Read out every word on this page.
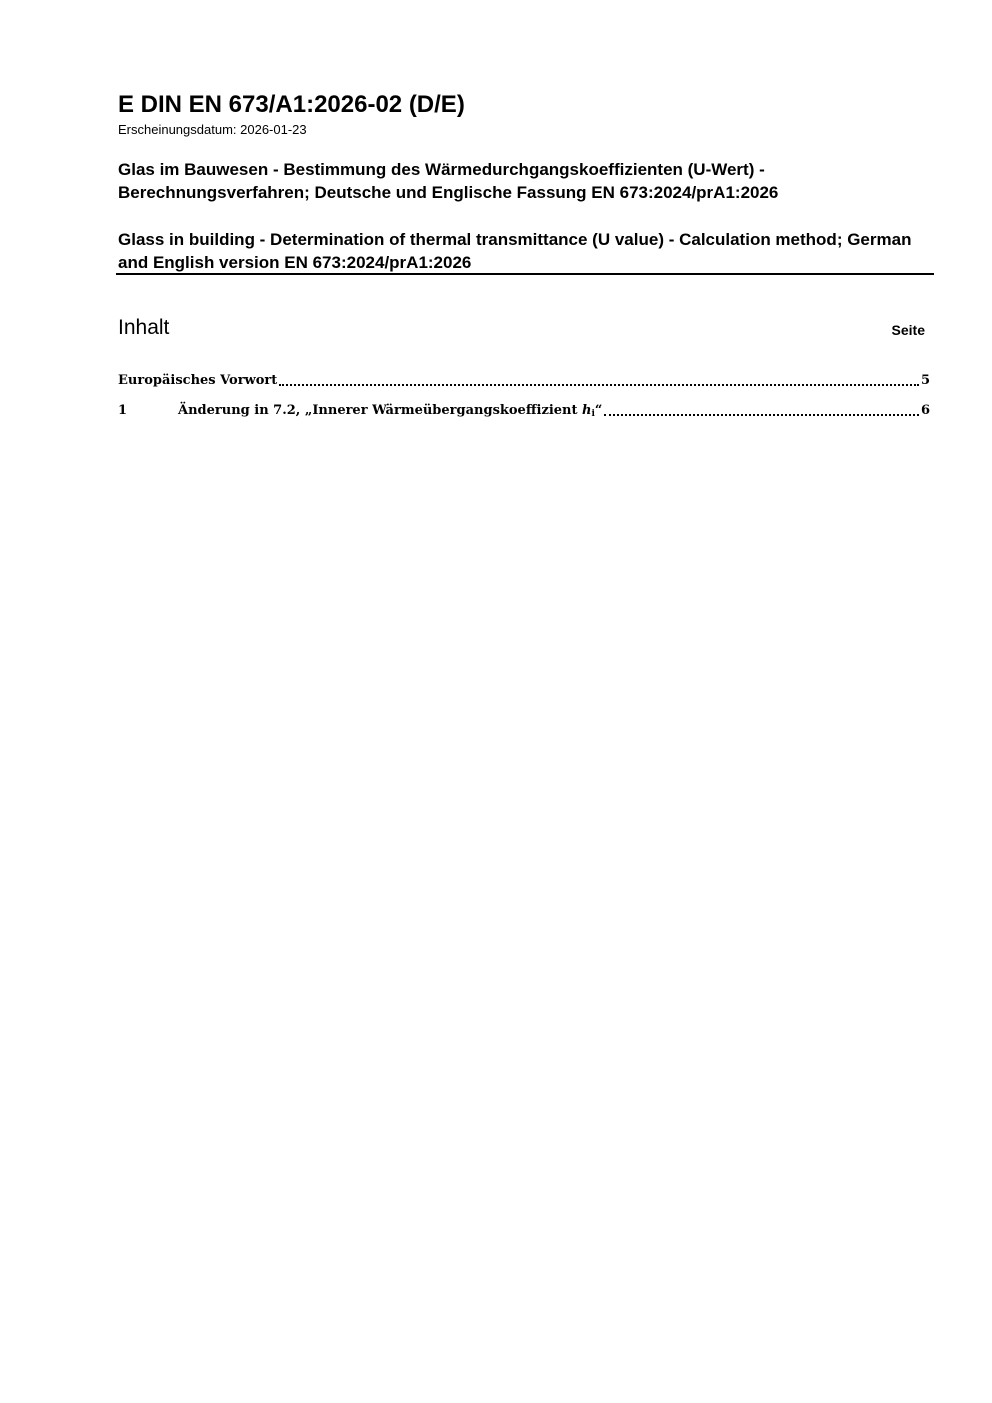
E DIN EN 673/A1:2026-02 (D/E)
Erscheinungsdatum: 2026-01-23
Glas im Bauwesen - Bestimmung des Wärmedurchgangskoeffizienten (U-Wert) - Berechnungsverfahren; Deutsche und Englische Fassung EN 673:2024/prA1:2026
Glass in building - Determination of thermal transmittance (U value) - Calculation method; German and English version EN 673:2024/prA1:2026
Inhalt	Seite
Europäisches Vorwort	5
1	Änderung in 7.2, „Innerer Wärmeübergangskoeffizient hi“	6
